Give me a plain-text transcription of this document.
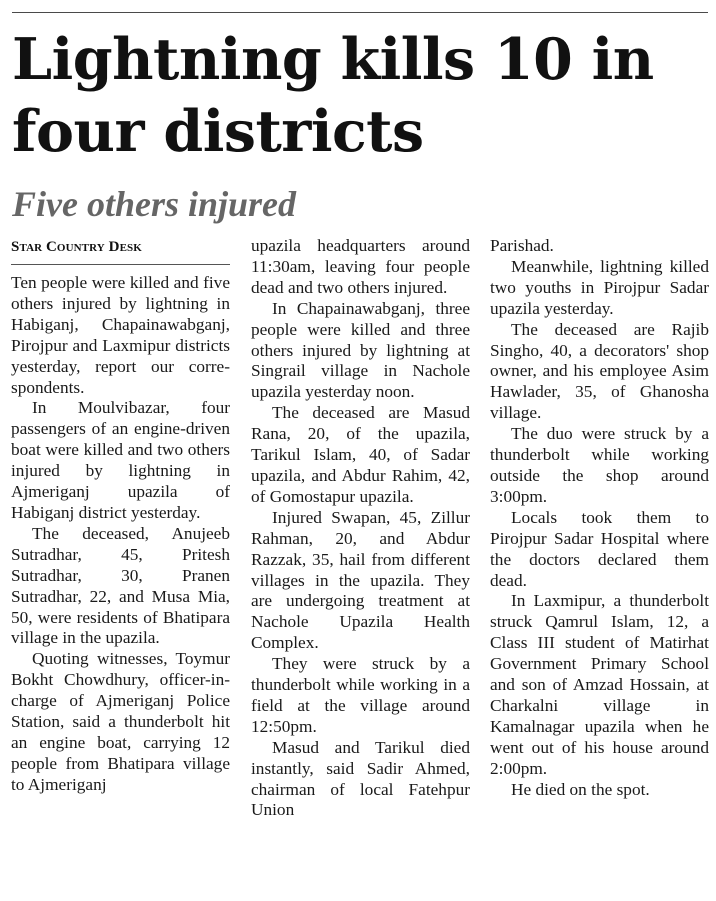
Lightning kills 10 in four districts
Five others injured
Star Country Desk

Ten people were killed and five others injured by lightning in Habiganj, Chapainawabganj, Pirojpur and Laxmipur districts yesterday, report our correspondents.

In Moulvibazar, four passengers of an engine-driven boat were killed and two others injured by lightning in Ajmeriganj upazila of Habiganj district yesterday.

The deceased, Anujeeb Sutradhar, 45, Pritesh Sutradhar, 30, Pranen Sutradhar, 22, and Musa Mia, 50, were residents of Bhatipara village in the upazila.

Quoting witnesses, Toymur Bokht Chowdhury, officer-in-charge of Ajmeriganj Police Station, said a thunderbolt hit an engine boat, carrying 12 people from Bhatipara village to Ajmeriganj

upazila headquarters around 11:30am, leaving four people dead and two others injured.

In Chapainawabganj, three people were killed and three others injured by lightning at Singrail village in Nachole upazila yesterday noon.

The deceased are Masud Rana, 20, of the upazila, Tarikul Islam, 40, of Sadar upazila, and Abdur Rahim, 42, of Gomostapur upazila.

Injured Swapan, 45, Zillur Rahman, 20, and Abdur Razzak, 35, hail from different villages in the upazila. They are undergoing treatment at Nachole Upazila Health Complex.

They were struck by a thunderbolt while working in a field at the village around 12:50pm.

Masud and Tarikul died instantly, said Sadir Ahmed, chairman of local Fatehpur Union

Parishad.

Meanwhile, lightning killed two youths in Pirojpur Sadar upazila yesterday.

The deceased are Rajib Singho, 40, a decorators' shop owner, and his employee Asim Hawlader, 35, of Ghanosha village.

The duo were struck by a thunderbolt while working outside the shop around 3:00pm.

Locals took them to Pirojpur Sadar Hospital where the doctors declared them dead.

In Laxmipur, a thunderbolt struck Qamrul Islam, 12, a Class III student of Matirhat Government Primary School and son of Amzad Hossain, at Charkalni village in Kamalnagar upazila when he went out of his house around 2:00pm.

He died on the spot.
